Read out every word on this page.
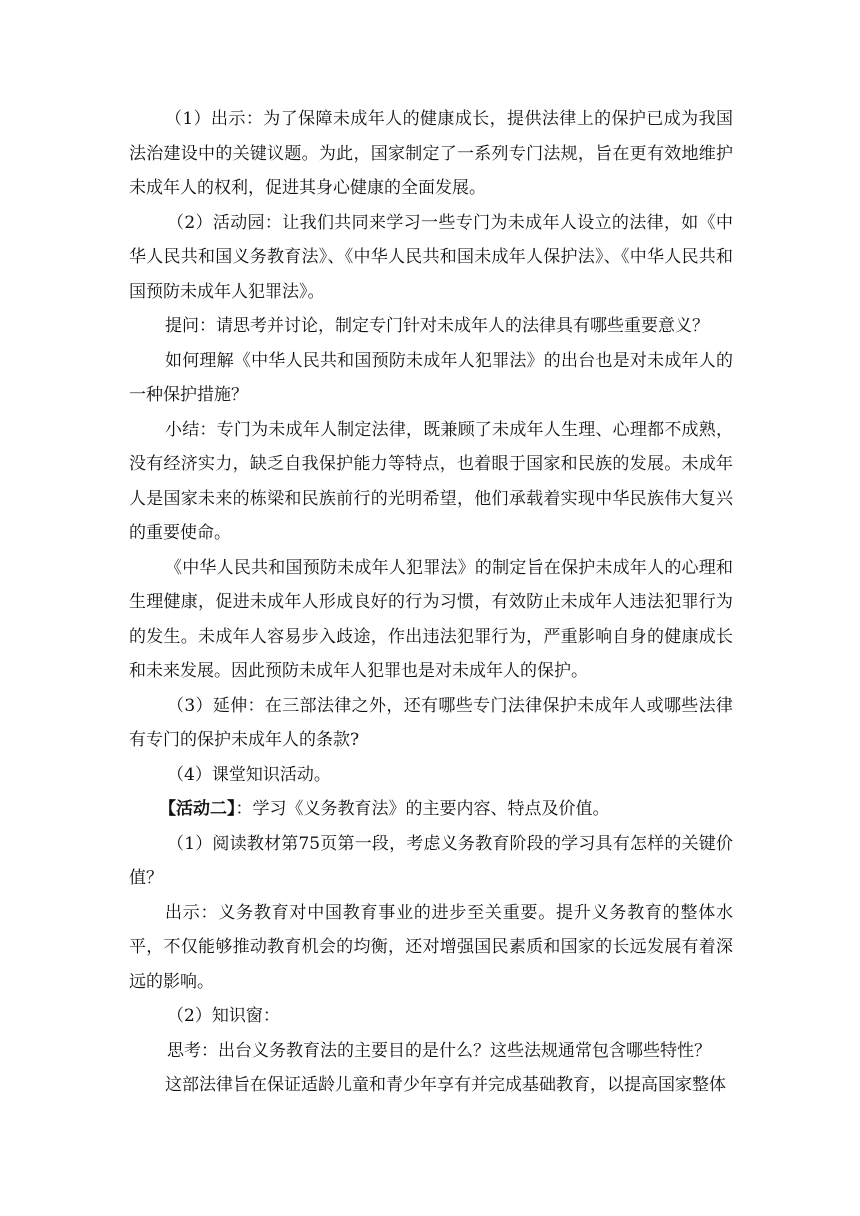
（1）出示：为了保障未成年人的健康成长，提供法律上的保护已成为我国法治建设中的关键议题。为此，国家制定了一系列专门法规，旨在更有效地维护未成年人的权利，促进其身心健康的全面发展。

（2）活动园：让我们共同来学习一些专门为未成年人设立的法律，如《中华人民共和国义务教育法》、《中华人民共和国未成年人保护法》、《中华人民共和国预防未成年人犯罪法》。

提问：请思考并讨论，制定专门针对未成年人的法律具有哪些重要意义？

如何理解《中华人民共和国预防未成年人犯罪法》的出台也是对未成年人的一种保护措施？

小结：专门为未成年人制定法律，既兼顾了未成年人生理、心理都不成熟，没有经济实力，缺乏自我保护能力等特点，也着眼于国家和民族的发展。未成年人是国家未来的栋梁和民族前行的光明希望，他们承载着实现中华民族伟大复兴的重要使命。

《中华人民共和国预防未成年人犯罪法》的制定旨在保护未成年人的心理和生理健康，促进未成年人形成良好的行为习惯，有效防止未成年人违法犯罪行为的发生。未成年人容易步入歧途，作出违法犯罪行为，严重影响自身的健康成长和未来发展。因此预防未成年人犯罪也是对未成年人的保护。

（3）延伸：在三部法律之外，还有哪些专门法律保护未成年人或哪些法律有专门的保护未成年人的条款?

（4）课堂知识活动。

【活动二】：学习《义务教育法》的主要内容、特点及价值。

（1）阅读教材第75页第一段，考虑义务教育阶段的学习具有怎样的关键价值？

出示：义务教育对中国教育事业的进步至关重要。提升义务教育的整体水平，不仅能够推动教育机会的均衡，还对增强国民素质和国家的长远发展有着深远的影响。

（2）知识窗：

思考：出台义务教育法的主要目的是什么？这些法规通常包含哪些特性？

这部法律旨在保证适龄儿童和青少年享有并完成基础教育，以提高国家整体
